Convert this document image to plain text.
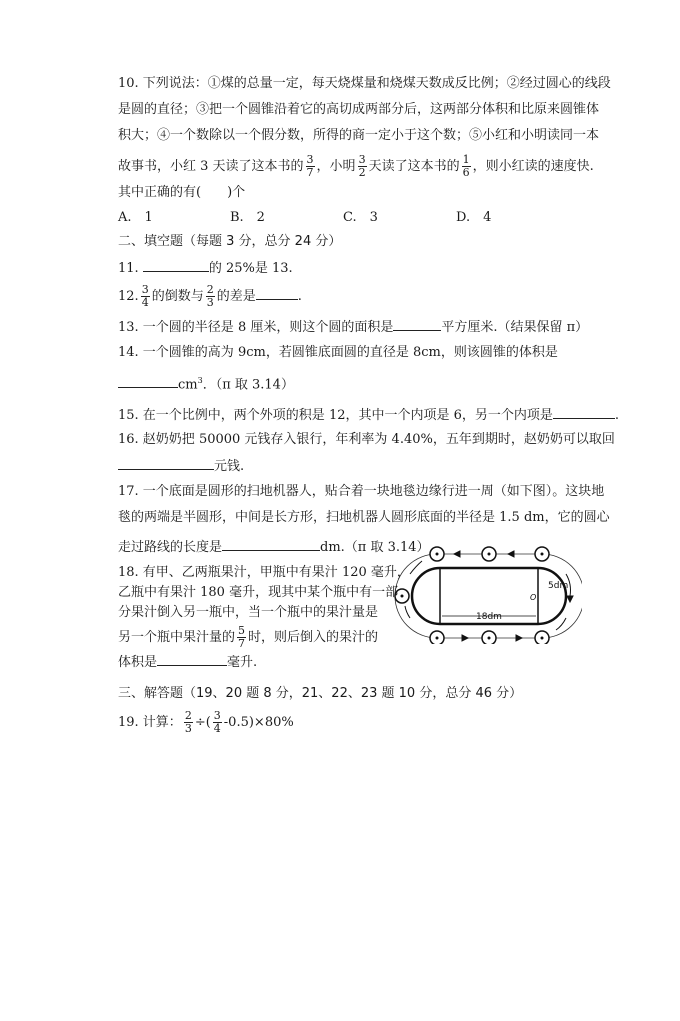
10. 下列说法：①煤的总量一定，每天烧煤量和烧煤天数成反比例；②经过圆心的线段
是圆的直径；③把一个圆锥沿着它的高切成两部分后，这两部分体积和比原来圆锥体
积大；④一个数除以一个假分数，所得的商一定小于这个数；⑤小红和小明读同一本
故事书，小红 3 天读了这本书的 $\frac{3}{7}$ ，小明 $\frac{3}{2}$ 天读了这本书的 $\frac{1}{6}$ ，则小红读的速度快.
其中正确的有(　　)个
A.　1	B.　2	C.　3	D.　4
二、填空题（每题 3 分，总分 24 分）
11.	的 25%是 13.
12. $\frac{3}{4}$ 的倒数与 $\frac{2}{3}$ 的差是	.
13. 一个圆的半径是 8 厘米，则这个圆的面积是	平方厘米.（结果保留 π）
14. 一个圆锥的高为 9cm，若圆锥底面圆的直径是 8cm，则该圆锥的体积是
$cm^3$．（π 取 3.14）
15. 在一个比例中，两个外项的积是 12，其中一个内项是 6，另一个内项是	.
16. 赵奶奶把 50000 元钱存入银行，年利率为 4.40%，五年到期时，赵奶奶可以取回
元钱.
17. 一个底面是圆形的扫地机器人，贴合着一块地毯边缘行进一周（如下图）。这块地
毯的两端是半圆形，中间是长方形，扫地机器人圆形底面的半径是 1.5 dm，它的圆心
走过路线的长度是	dm.（π 取 3.14）
18dm
5dm
O
18. 有甲、乙两瓶果汁，甲瓶中有果汁 120 毫升，
乙瓶中有果汁 180 毫升，现其中某个瓶中有一部
分果汁倒入另一瓶中，当一个瓶中的果汁量是
另一个瓶中果汁量的 $\frac{5}{7}$ 时，则后倒入的果汁的
体积是	毫升.
三、解答题（19、20 题 8 分，21、22、23 题 10 分，总分 46 分）
19. 计算： $\frac{2}{3}$ ÷( $\frac{3}{4} -0.5)\times 80\%$
